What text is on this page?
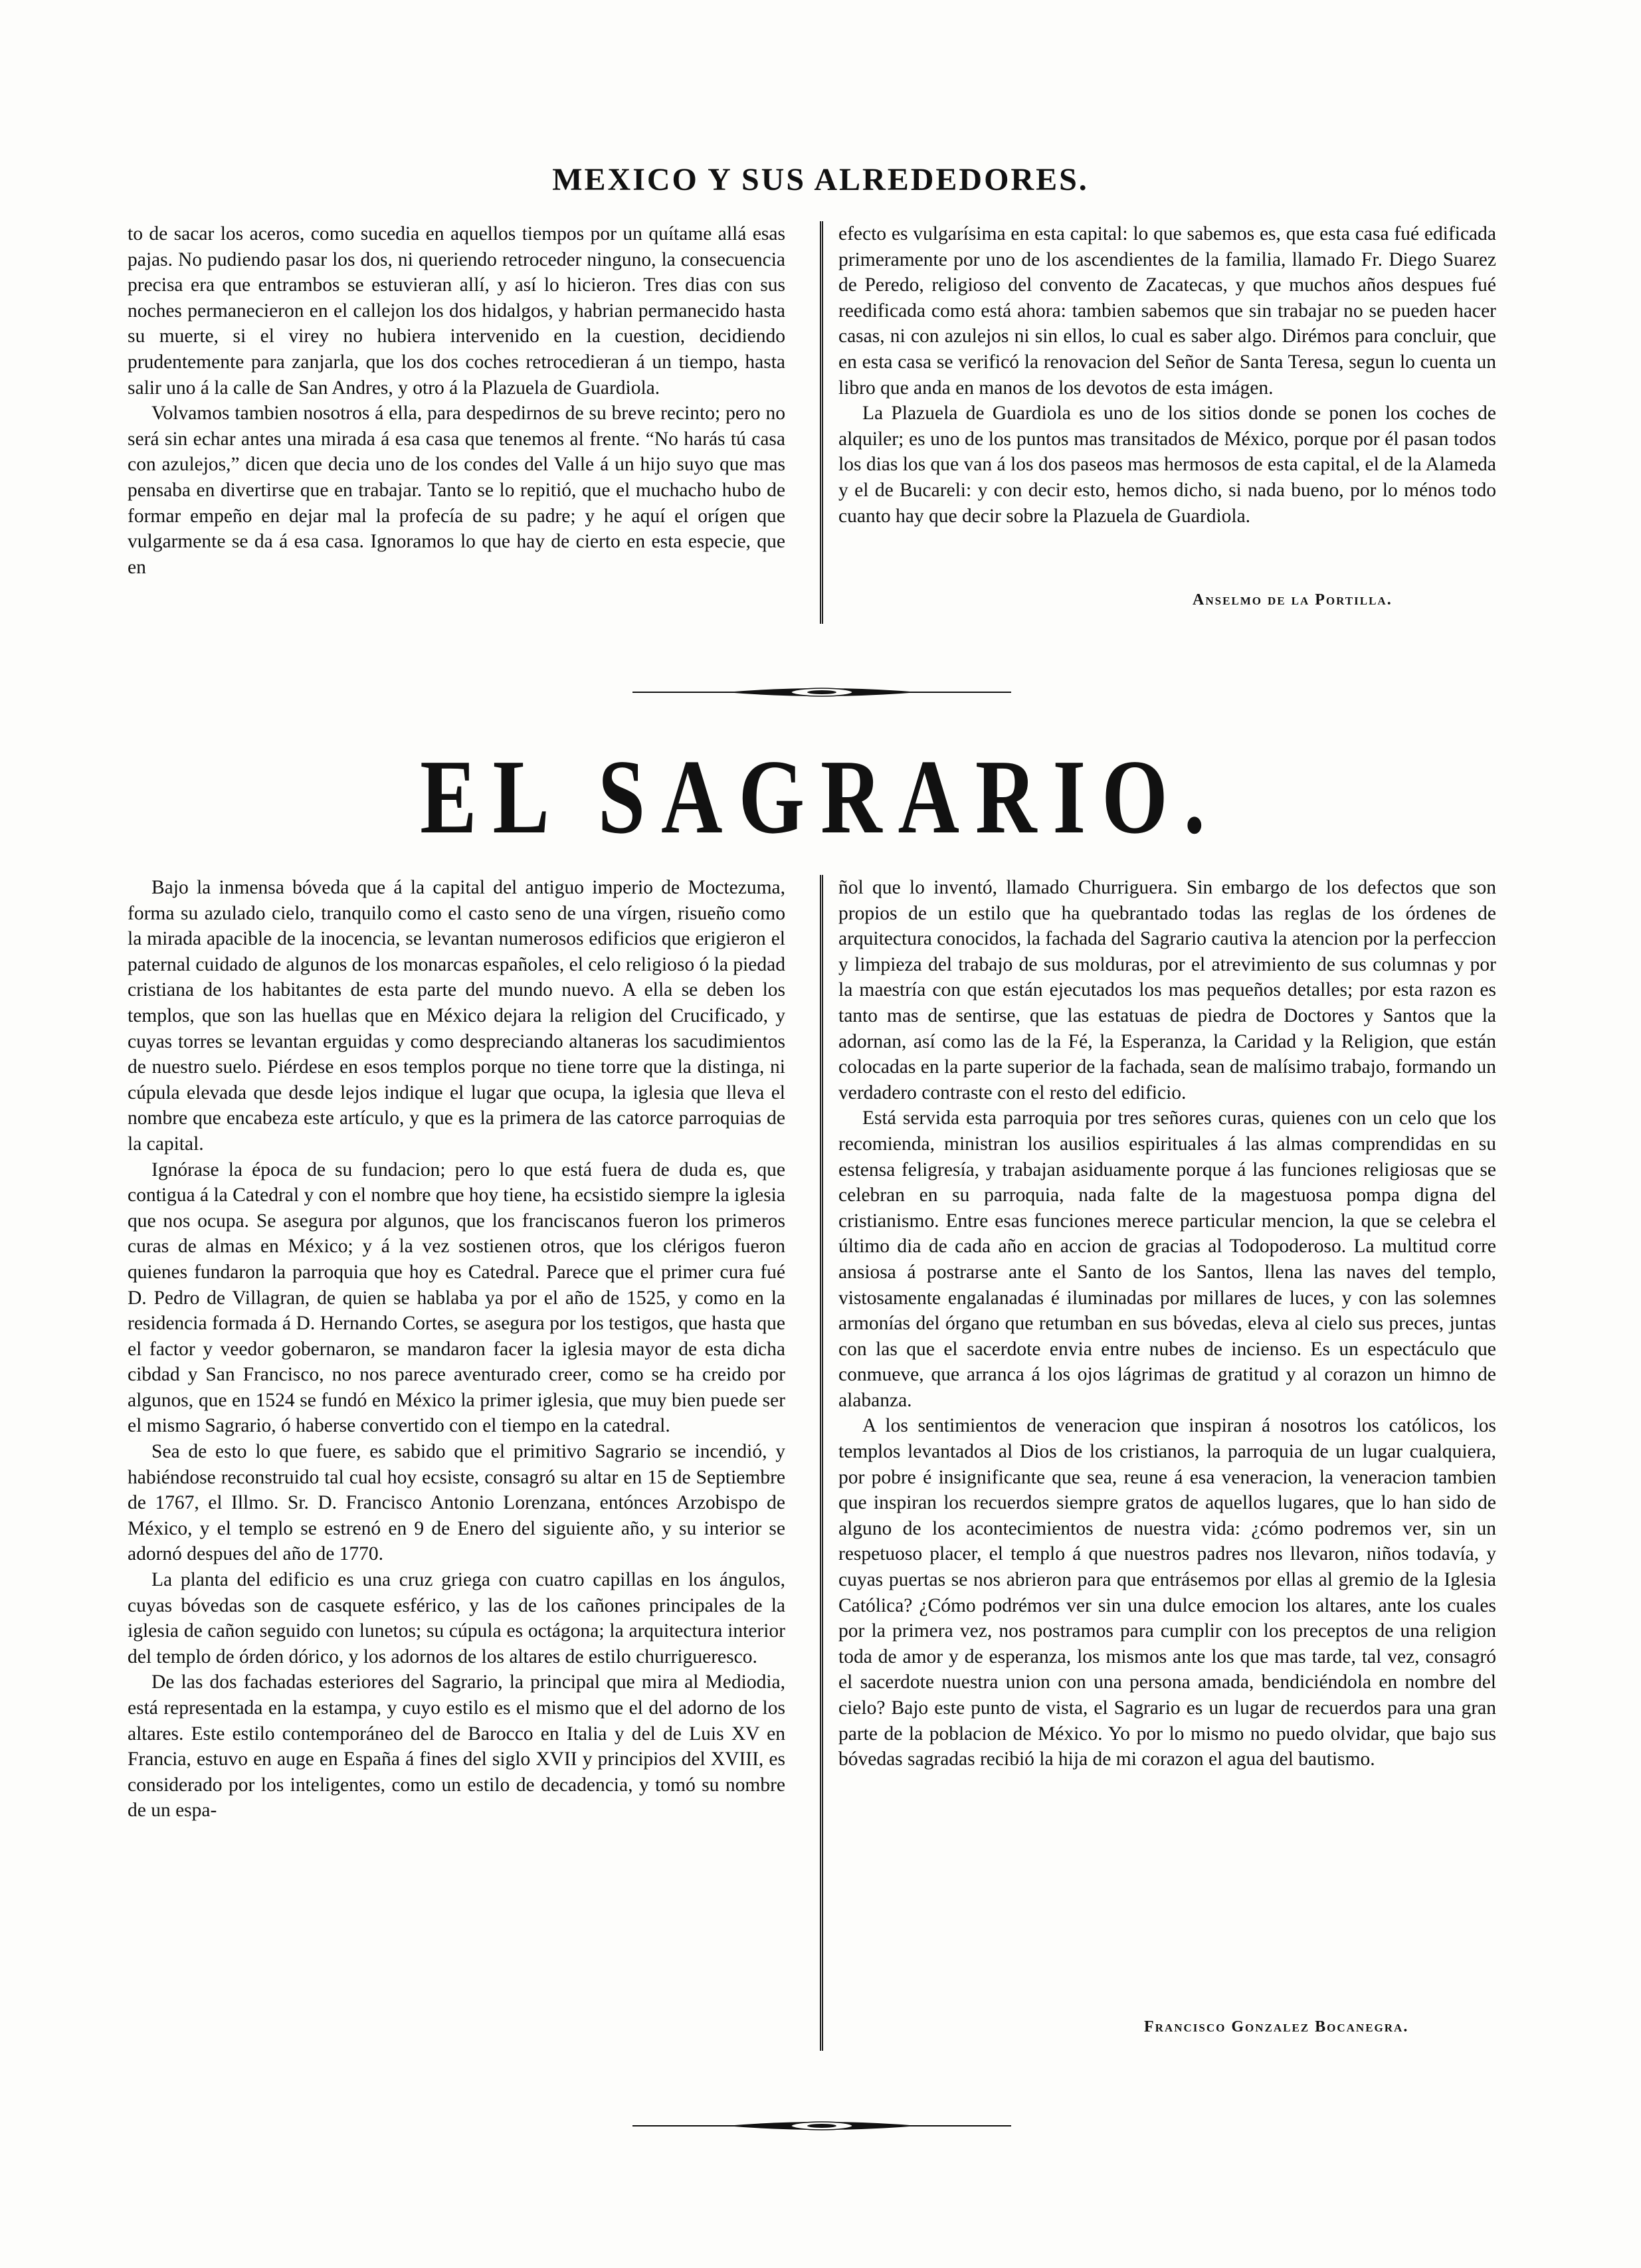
MEXICO Y SUS ALREDEDORES.

to de sacar los aceros, como sucedia en aquellos tiempos por un quítame allá esas pajas. No pudiendo pasar los dos, ni queriendo retroceder ninguno, la consecuencia precisa era que entrambos se estuvieran allí, y así lo hicieron. Tres dias con sus noches permanecieron en el callejon los dos hidalgos, y habrian permanecido hasta su muerte, si el virey no hubiera intervenido en la cuestion, decidiendo prudentemente para zanjarla, que los dos coches retrocedieran á un tiempo, hasta salir uno á la calle de San Andres, y otro á la Plazuela de Guardiola.

Volvamos tambien nosotros á ella, para despedirnos de su breve recinto; pero no será sin echar antes una mirada á esa casa que tenemos al frente. “No harás tú casa con azulejos,” dicen que decia uno de los condes del Valle á un hijo suyo que mas pensaba en divertirse que en trabajar. Tanto se lo repitió, que el muchacho hubo de formar empeño en dejar mal la profecía de su padre; y he aquí el orígen que vulgarmente se da á esa casa. Ignoramos lo que hay de cierto en esta especie, que en

efecto es vulgarísima en esta capital: lo que sabemos es, que esta casa fué edificada primeramente por uno de los ascendientes de la familia, llamado Fr. Diego Suarez de Peredo, religioso del convento de Zacatecas, y que muchos años despues fué reedificada como está ahora: tambien sabemos que sin trabajar no se pueden hacer casas, ni con azulejos ni sin ellos, lo cual es saber algo. Dirémos para concluir, que en esta casa se verificó la renovacion del Señor de Santa Teresa, segun lo cuenta un libro que anda en manos de los devotos de esta imágen.

La Plazuela de Guardiola es uno de los sitios donde se ponen los coches de alquiler; es uno de los puntos mas transitados de México, porque por él pasan todos los dias los que van á los dos paseos mas hermosos de esta capital, el de la Alameda y el de Bucareli: y con decir esto, hemos dicho, si nada bueno, por lo ménos todo cuanto hay que decir sobre la Plazuela de Guardiola.

Anselmo de la Portilla.
EL SAGRARIO.

Bajo la inmensa bóveda que á la capital del antiguo imperio de Moctezuma, forma su azulado cielo, tranquilo como el casto seno de una vírgen, risueño como la mirada apacible de la inocencia, se levantan numerosos edificios que erigieron el paternal cuidado de algunos de los monarcas españoles, el celo religioso ó la piedad cristiana de los habitantes de esta parte del mundo nuevo. A ella se deben los templos, que son las huellas que en México dejara la religion del Crucificado, y cuyas torres se levantan erguidas y como despreciando altaneras los sacudimientos de nuestro suelo. Piérdese en esos templos porque no tiene torre que la distinga, ni cúpula elevada que desde lejos indique el lugar que ocupa, la iglesia que lleva el nombre que encabeza este artículo, y que es la primera de las catorce parroquias de la capital.

Ignórase la época de su fundacion; pero lo que está fuera de duda es, que contigua á la Catedral y con el nombre que hoy tiene, ha ecsistido siempre la iglesia que nos ocupa. Se asegura por algunos, que los franciscanos fueron los primeros curas de almas en México; y á la vez sostienen otros, que los clérigos fueron quienes fundaron la parroquia que hoy es Catedral. Parece que el primer cura fué D. Pedro de Villagran, de quien se hablaba ya por el año de 1525, y como en la residencia formada á D. Hernando Cortes, se asegura por los testigos, que hasta que el factor y veedor gobernaron, se mandaron facer la iglesia mayor de esta dicha cibdad y San Francisco, no nos parece aventurado creer, como se ha creido por algunos, que en 1524 se fundó en México la primer iglesia, que muy bien puede ser el mismo Sagrario, ó haberse convertido con el tiempo en la catedral.

Sea de esto lo que fuere, es sabido que el primitivo Sagrario se incendió, y habiéndose reconstruido tal cual hoy ecsiste, consagró su altar en 15 de Septiembre de 1767, el Illmo. Sr. D. Francisco Antonio Lorenzana, entónces Arzobispo de México, y el templo se estrenó en 9 de Enero del siguiente año, y su interior se adornó despues del año de 1770.

La planta del edificio es una cruz griega con cuatro capillas en los ángulos, cuyas bóvedas son de casquete esférico, y las de los cañones principales de la iglesia de cañon seguido con lunetos; su cúpula es octágona; la arquitectura interior del templo de órden dórico, y los adornos de los altares de estilo churrigueresco.

De las dos fachadas esteriores del Sagrario, la principal que mira al Mediodia, está representada en la estampa, y cuyo estilo es el mismo que el del adorno de los altares. Este estilo contemporáneo del de Barocco en Italia y del de Luis XV en Francia, estuvo en auge en España á fines del siglo XVII y principios del XVIII, es considerado por los inteligentes, como un estilo de decadencia, y tomó su nombre de un espa-

ñol que lo inventó, llamado Churriguera. Sin embargo de los defectos que son propios de un estilo que ha quebrantado todas las reglas de los órdenes de arquitectura conocidos, la fachada del Sagrario cautiva la atencion por la perfeccion y limpieza del trabajo de sus molduras, por el atrevimiento de sus columnas y por la maestría con que están ejecutados los mas pequeños detalles; por esta razon es tanto mas de sentirse, que las estatuas de piedra de Doctores y Santos que la adornan, así como las de la Fé, la Esperanza, la Caridad y la Religion, que están colocadas en la parte superior de la fachada, sean de malísimo trabajo, formando un verdadero contraste con el resto del edificio.

Está servida esta parroquia por tres señores curas, quienes con un celo que los recomienda, ministran los ausilios espirituales á las almas comprendidas en su estensa feligresía, y trabajan asiduamente porque á las funciones religiosas que se celebran en su parroquia, nada falte de la magestuosa pompa digna del cristianismo. Entre esas funciones merece particular mencion, la que se celebra el último dia de cada año en accion de gracias al Todopoderoso. La multitud corre ansiosa á postrarse ante el Santo de los Santos, llena las naves del templo, vistosamente engalanadas é iluminadas por millares de luces, y con las solemnes armonías del órgano que retumban en sus bóvedas, eleva al cielo sus preces, juntas con las que el sacerdote envia entre nubes de incienso. Es un espectáculo que conmueve, que arranca á los ojos lágrimas de gratitud y al corazon un himno de alabanza.

A los sentimientos de veneracion que inspiran á nosotros los católicos, los templos levantados al Dios de los cristianos, la parroquia de un lugar cualquiera, por pobre é insignificante que sea, reune á esa veneracion, la veneracion tambien que inspiran los recuerdos siempre gratos de aquellos lugares, que lo han sido de alguno de los acontecimientos de nuestra vida: ¿cómo podremos ver, sin un respetuoso placer, el templo á que nuestros padres nos llevaron, niños todavía, y cuyas puertas se nos abrieron para que entrásemos por ellas al gremio de la Iglesia Católica? ¿Cómo podrémos ver sin una dulce emocion los altares, ante los cuales por la primera vez, nos postramos para cumplir con los preceptos de una religion toda de amor y de esperanza, los mismos ante los que mas tarde, tal vez, consagró el sacerdote nuestra union con una persona amada, bendiciéndola en nombre del cielo? Bajo este punto de vista, el Sagrario es un lugar de recuerdos para una gran parte de la poblacion de México. Yo por lo mismo no puedo olvidar, que bajo sus bóvedas sagradas recibió la hija de mi corazon el agua del bautismo.

Francisco Gonzalez Bocanegra.
